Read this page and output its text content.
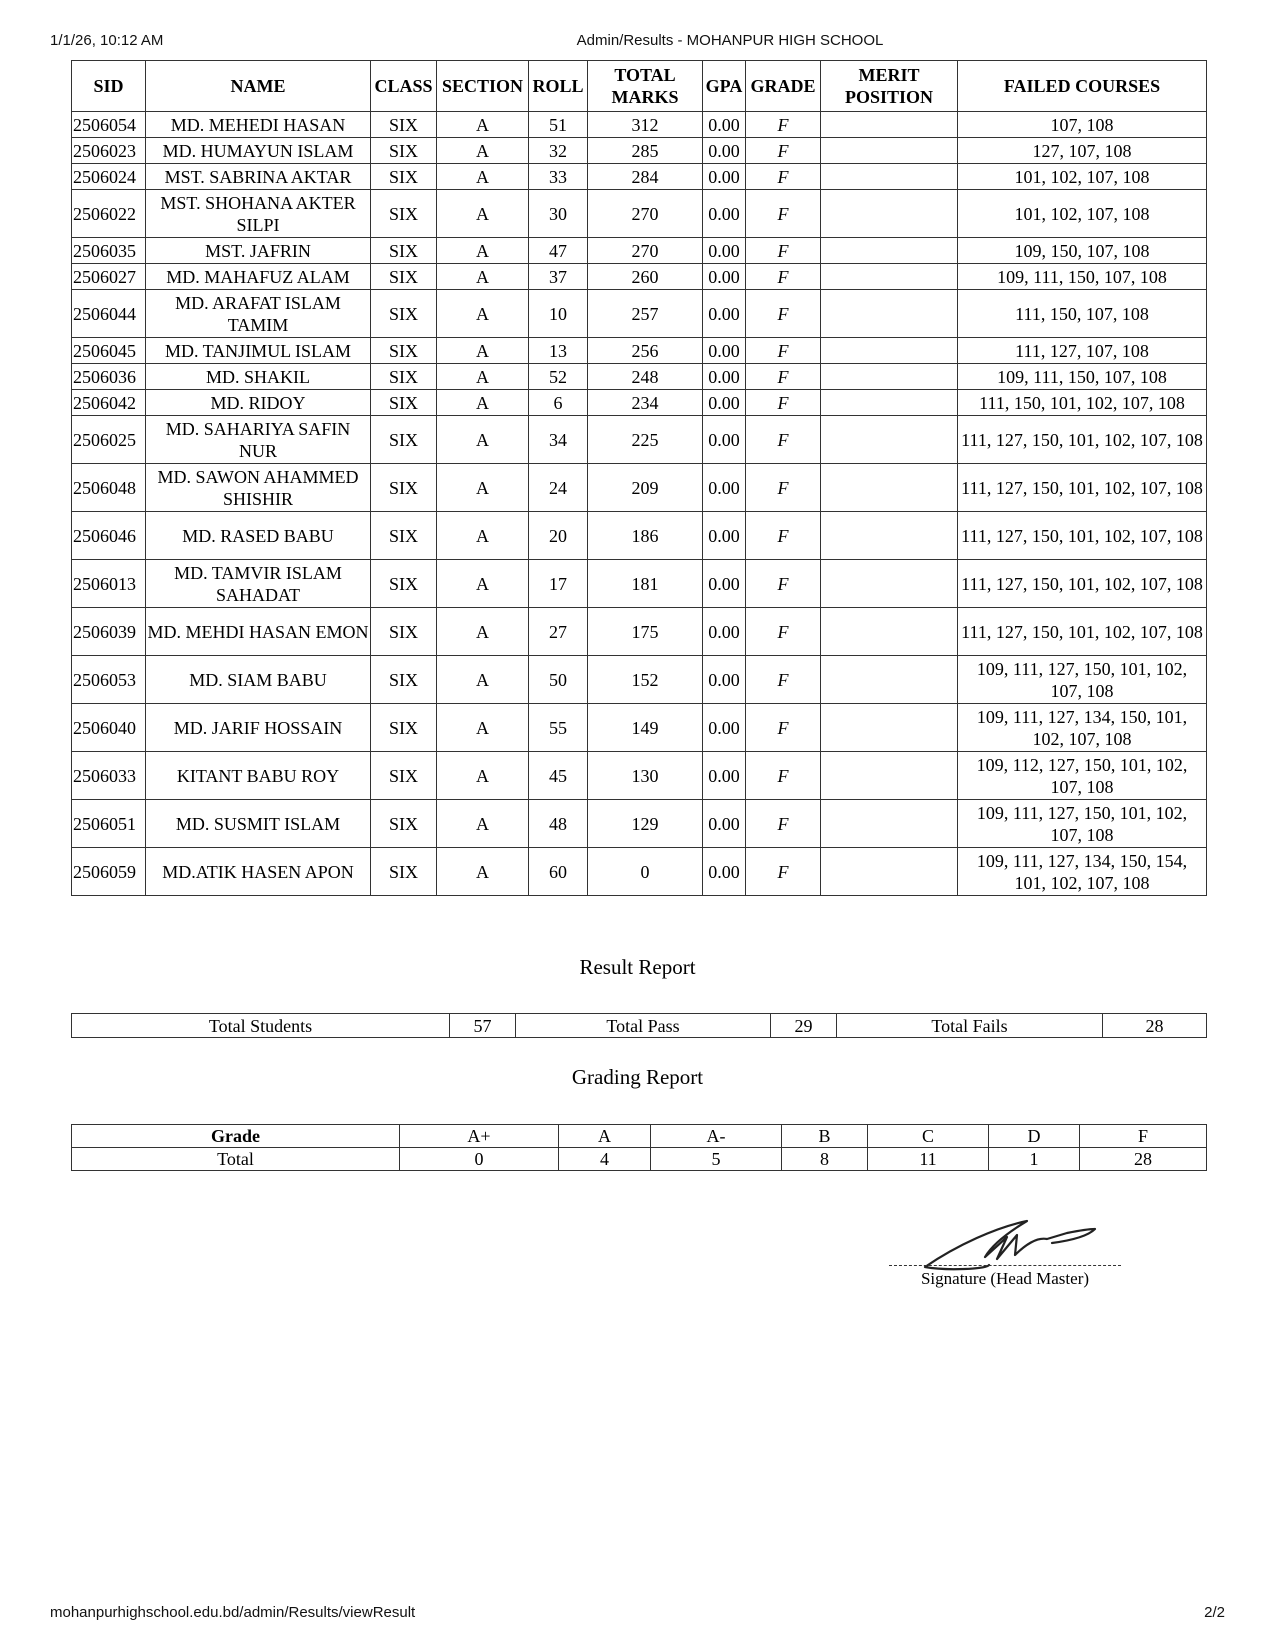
1/1/26, 10:12 AM	Admin/Results - MOHANPUR HIGH SCHOOL
SID	NAME	CLASS	SECTION	ROLL	TOTAL MARKS	GPA	GRADE	MERIT POSITION	FAILED COURSES
2506054	MD. MEHEDI HASAN	SIX	A	51	312	0.00	F		107, 108
2506023	MD. HUMAYUN ISLAM	SIX	A	32	285	0.00	F		127, 107, 108
2506024	MST. SABRINA AKTAR	SIX	A	33	284	0.00	F		101, 102, 107, 108
2506022	MST. SHOHANA AKTER SILPI	SIX	A	30	270	0.00	F		101, 102, 107, 108
2506035	MST. JAFRIN	SIX	A	47	270	0.00	F		109, 150, 107, 108
2506027	MD. MAHAFUZ ALAM	SIX	A	37	260	0.00	F		109, 111, 150, 107, 108
2506044	MD. ARAFAT ISLAM TAMIM	SIX	A	10	257	0.00	F		111, 150, 107, 108
2506045	MD. TANJIMUL ISLAM	SIX	A	13	256	0.00	F		111, 127, 107, 108
2506036	MD. SHAKIL	SIX	A	52	248	0.00	F		109, 111, 150, 107, 108
2506042	MD. RIDOY	SIX	A	6	234	0.00	F		111, 150, 101, 102, 107, 108
2506025	MD. SAHARIYA SAFIN NUR	SIX	A	34	225	0.00	F		111, 127, 150, 101, 102, 107, 108
2506048	MD. SAWON AHAMMED SHISHIR	SIX	A	24	209	0.00	F		111, 127, 150, 101, 102, 107, 108
2506046	MD. RASED BABU	SIX	A	20	186	0.00	F		111, 127, 150, 101, 102, 107, 108
2506013	MD. TAMVIR ISLAM SAHADAT	SIX	A	17	181	0.00	F		111, 127, 150, 101, 102, 107, 108
2506039	MD. MEHDI HASAN EMON	SIX	A	27	175	0.00	F		111, 127, 150, 101, 102, 107, 108
2506053	MD. SIAM BABU	SIX	A	50	152	0.00	F		109, 111, 127, 150, 101, 102, 107, 108
2506040	MD. JARIF HOSSAIN	SIX	A	55	149	0.00	F		109, 111, 127, 134, 150, 101, 102, 107, 108
2506033	KITANT BABU ROY	SIX	A	45	130	0.00	F		109, 112, 127, 150, 101, 102, 107, 108
2506051	MD. SUSMIT ISLAM	SIX	A	48	129	0.00	F		109, 111, 127, 150, 101, 102, 107, 108
2506059	MD.ATIK HASEN APON	SIX	A	60	0	0.00	F		109, 111, 127, 134, 150, 154, 101, 102, 107, 108
Result Report
Total Students	57	Total Pass	29	Total Fails	28
Grading Report
Grade	A+	A	A-	B	C	D	F
Total	0	4	5	8	11	1	28
Signature (Head Master)
mohanpurhighschool.edu.bd/admin/Results/viewResult	2/2
